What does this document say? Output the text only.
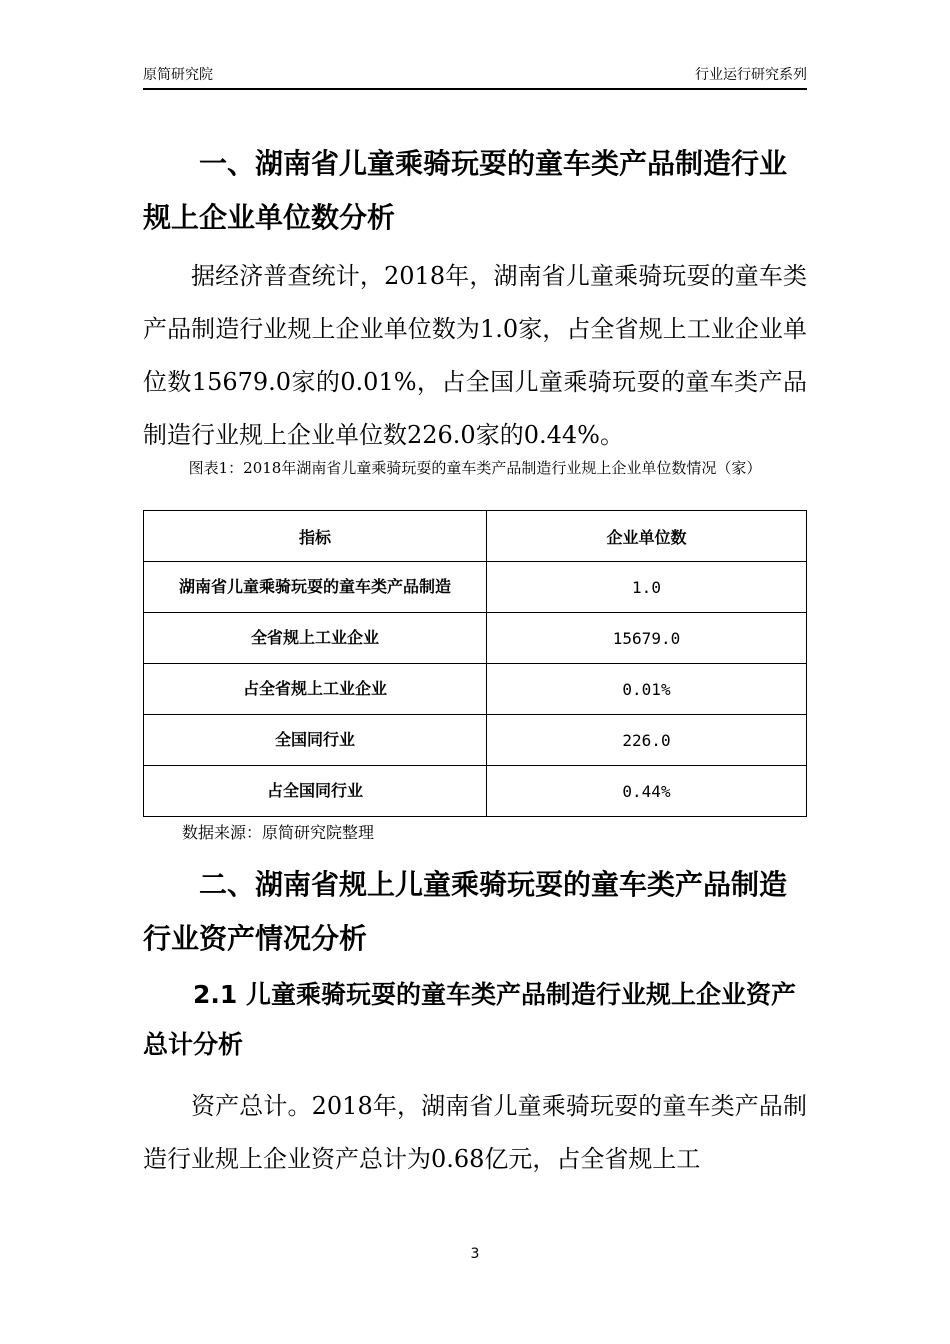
原简研究院	行业运行研究系列
一、湖南省儿童乘骑玩耍的童车类产品制造行业规上企业单位数分析
据经济普查统计，2018年，湖南省儿童乘骑玩耍的童车类产品制造行业规上企业单位数为1.0家，占全省规上工业企业单位数15679.0家的0.01%，占全国儿童乘骑玩耍的童车类产品制造行业规上企业单位数226.0家的0.44%。
图表1：2018年湖南省儿童乘骑玩耍的童车类产品制造行业规上企业单位数情况（家）
指标	企业单位数
湖南省儿童乘骑玩耍的童车类产品制造	1.0
全省规上工业企业	15679.0
占全省规上工业企业	0.01%
全国同行业	226.0
占全国同行业	0.44%
数据来源：原简研究院整理
二、湖南省规上儿童乘骑玩耍的童车类产品制造行业资产情况分析
2.1 儿童乘骑玩耍的童车类产品制造行业规上企业资产总计分析
资产总计。2018年，湖南省儿童乘骑玩耍的童车类产品制造行业规上企业资产总计为0.68亿元，占全省规上工
3
